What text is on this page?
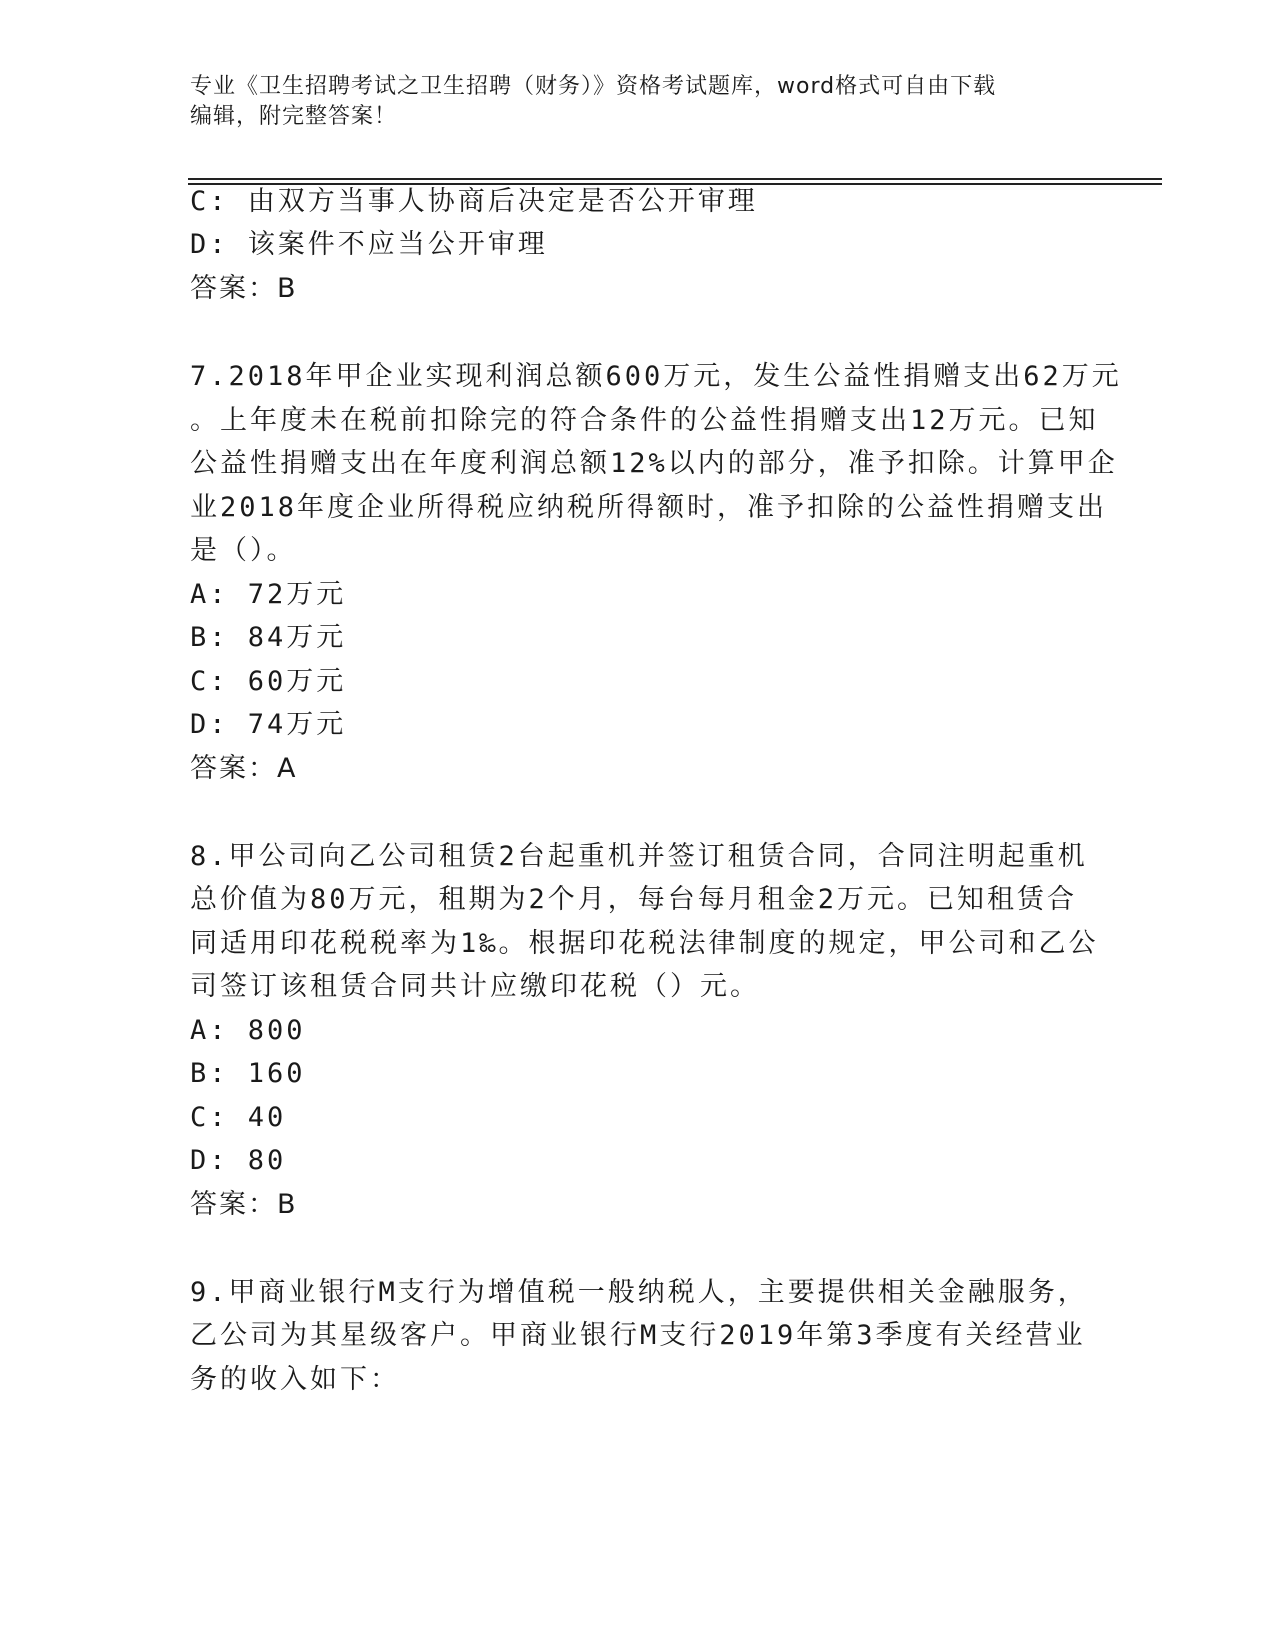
专业《卫生招聘考试之卫生招聘（财务）》资格考试题库，word格式可自由下载
编辑，附完整答案！
C: 由双方当事人协商后决定是否公开审理
D: 该案件不应当公开审理
答案：B
7.2018年甲企业实现利润总额600万元，发生公益性捐赠支出62万元
。上年度未在税前扣除完的符合条件的公益性捐赠支出12万元。已知
公益性捐赠支出在年度利润总额12%以内的部分，准予扣除。计算甲企
业2018年度企业所得税应纳税所得额时，准予扣除的公益性捐赠支出
是（）。
A: 72万元
B: 84万元
C: 60万元
D: 74万元
答案：A
8.甲公司向乙公司租赁2台起重机并签订租赁合同，合同注明起重机
总价值为80万元，租期为2个月，每台每月租金2万元。已知租赁合
同适用印花税税率为1‰。根据印花税法律制度的规定，甲公司和乙公
司签订该租赁合同共计应缴印花税（）元。
A: 800
B: 160
C: 40
D: 80
答案：B
9.甲商业银行M支行为增值税一般纳税人，主要提供相关金融服务，
乙公司为其星级客户。甲商业银行M支行2019年第3季度有关经营业
务的收入如下：
